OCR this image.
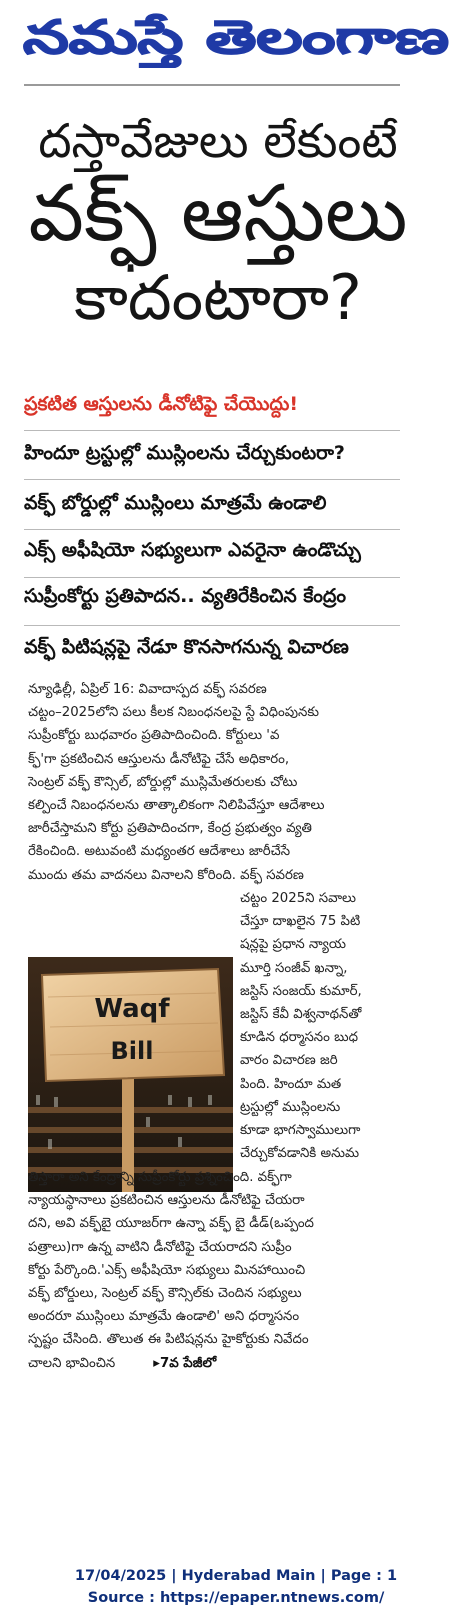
నమస్తే తెలంగాణ
దస్తావేజులు లేకుంటే
వక్ఫ్ ఆస్తులు
కాదంటారా?
ప్రకటిత ఆస్తులను డీనోటిఫై చేయొద్దు!
హిందూ ట్రస్టుల్లో ముస్లింలను చేర్చుకుంటరా?
వక్ఫ్ బోర్డుల్లో ముస్లింలు మాత్రమే ఉండాలి
ఎక్స్ అఫీషియో సభ్యులుగా ఎవరైనా ఉండొచ్చు
సుప్రీంకోర్టు ప్రతిపాదన.. వ్యతిరేకించిన కేంద్రం
వక్ఫ్ పిటిషన్లపై నేడూ కొనసాగనున్న విచారణ
న్యూఢిల్లీ, ఏప్రిల్ 16: వివాదాస్పద వక్ఫ్ సవరణ
చట్టం–2025లోని పలు కీలక నిబంధనలపై స్టే విధింపునకు
సుప్రీంకోర్టు బుధవారం ప్రతిపాదించింది. కోర్టులు 'వ
క్ఫ్'గా ప్రకటించిన ఆస్తులను డీనోటిఫై చేసే అధికారం,
సెంట్రల్ వక్ఫ్ కౌన్సిల్, బోర్డుల్లో ముస్లిమేతరులకు చోటు
కల్పించే నిబంధనలను తాత్కాలికంగా నిలిపివేస్తూ ఆదేశాలు
జారీచేస్తామని కోర్టు ప్రతిపాదించగా, కేంద్ర ప్రభుత్వం వ్యతి
రేకించింది. అటువంటి మధ్యంతర ఆదేశాలు జారీచేసే
ముందు తమ వాదనలు వినాలని కోరింది. వక్ఫ్ సవరణ
Waqf
Bill
చట్టం 2025ని సవాలు
చేస్తూ దాఖలైన 75 పిటి
షన్లపై ప్రధాన న్యాయ
మూర్తి సంజీవ్ ఖన్నా,
జస్టిస్ సంజయ్ కుమార్,
జస్టిస్ కేవీ విశ్వనాథన్‌తో
కూడిన ధర్మాసనం బుధ
వారం విచారణ జరి
పింది. హిందూ మత
ట్రస్టుల్లో ముస్లింలను
కూడా భాగస్వాములుగా
చేర్చుకోవడానికి అనుమ
తిస్తారా అని కేంద్రాన్ని సుప్రీంకోర్టు ప్రశ్నించింది. వక్ఫ్‌గా
న్యాయస్థానాలు ప్రకటించిన ఆస్తులను డీనోటిఫై చేయరా
దని, అవి వక్ఫ్‌బై యూజర్‌గా ఉన్నా వక్ఫ్ బై డీడ్(ఒప్పంద
పత్రాలు)గా ఉన్న వాటిని డీనోటిఫై చేయరాదని సుప్రీం
కోర్టు పేర్కొంది.'ఎక్స్ అఫీషియో సభ్యులు మినహాయించి
వక్ఫ్ బోర్డులు, సెంట్రల్ వక్ఫ్ కౌన్సిల్‌కు చెందిన సభ్యులు
అందరూ ముస్లింలు మాత్రమే ఉండాలి' అని ధర్మాసనం
స్పష్టం చేసింది. తొలుత ఈ పిటిషన్లను హైకోర్టుకు నివేదం
చాలని భావించిన	▸7వ పేజీలో
17/04/2025 | Hyderabad Main | Page : 1
Source : https://epaper.ntnews.com/
